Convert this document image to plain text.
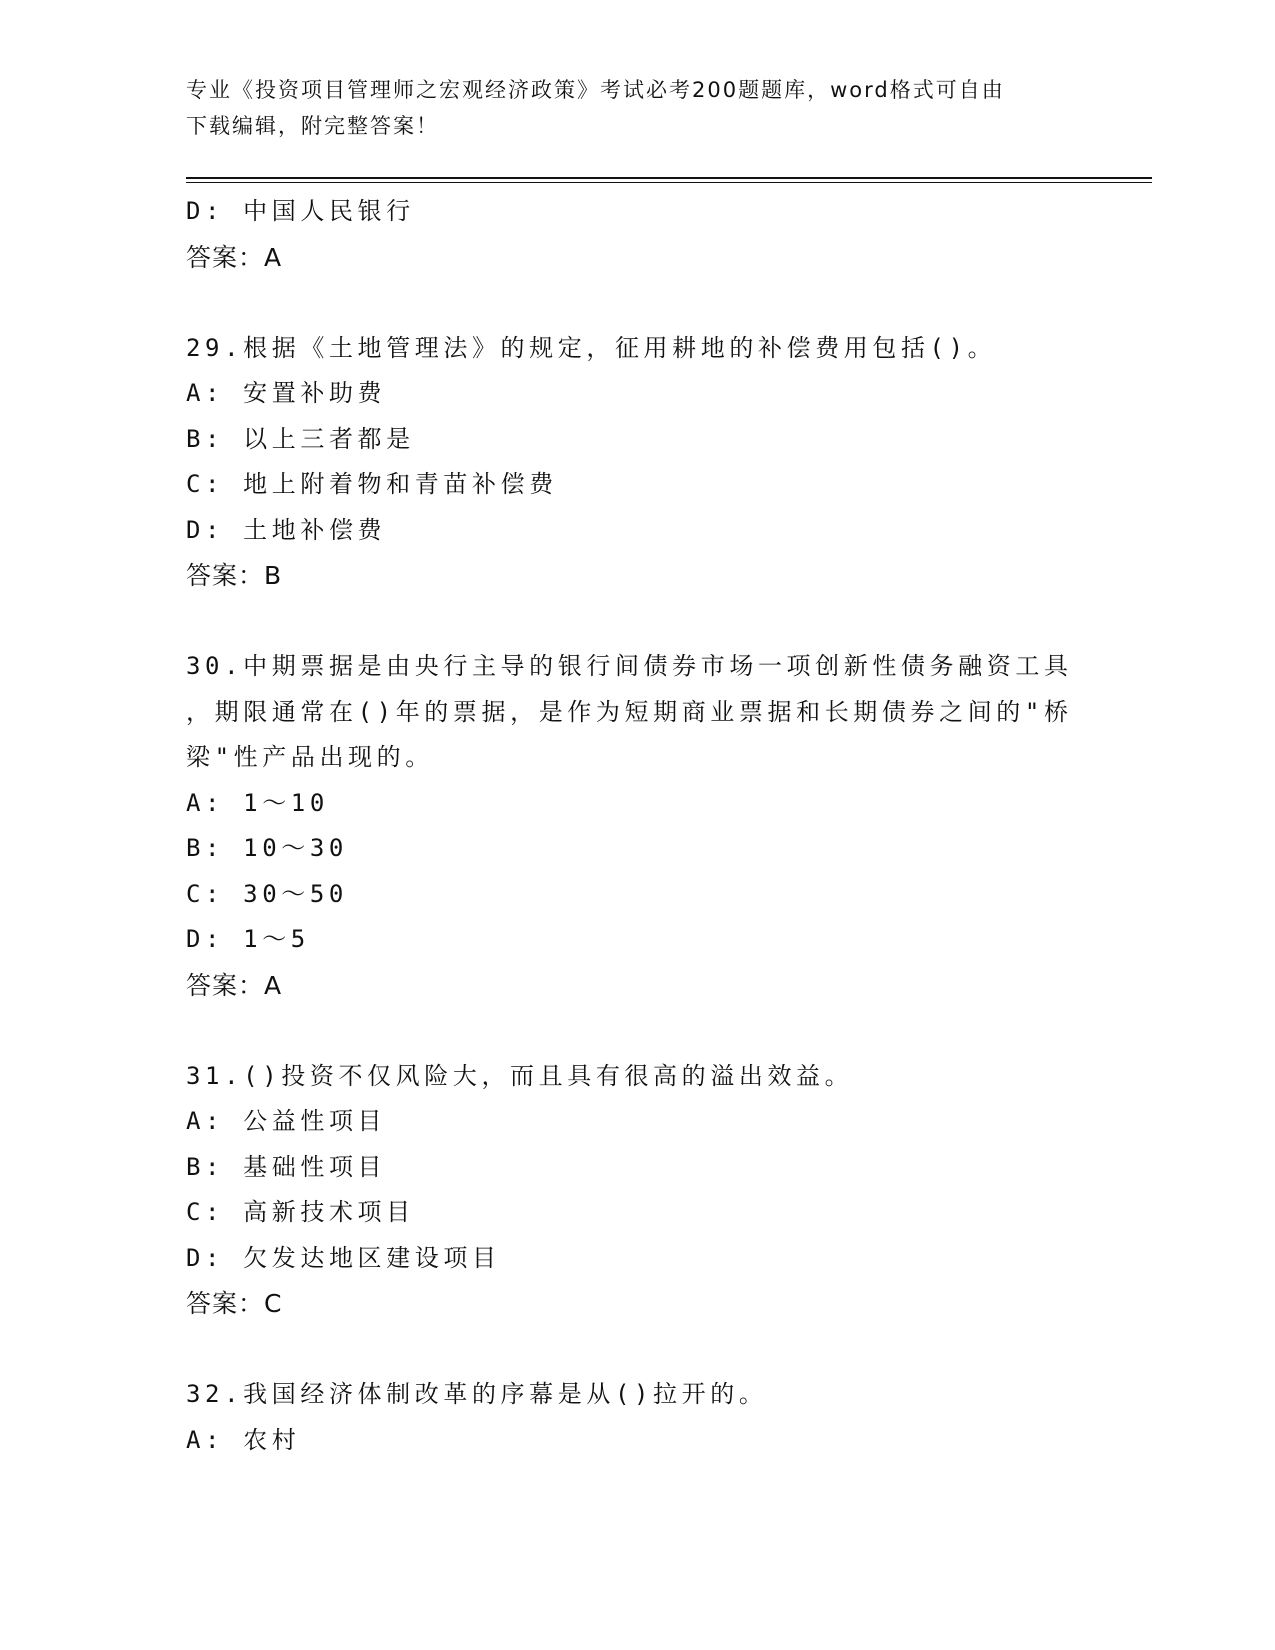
专业《投资项目管理师之宏观经济政策》考试必考200题题库，word格式可自由
下载编辑，附完整答案！
D: 中国人民银行
答案：A
29.根据《土地管理法》的规定，征用耕地的补偿费用包括()。
A: 安置补助费
B: 以上三者都是
C: 地上附着物和青苗补偿费
D: 土地补偿费
答案：B
30.中期票据是由央行主导的银行间债券市场一项创新性债务融资工具
，期限通常在()年的票据，是作为短期商业票据和长期债券之间的"桥
梁"性产品出现的。
A: 1～10
B: 10～30
C: 30～50
D: 1～5
答案：A
31.()投资不仅风险大，而且具有很高的溢出效益。
A: 公益性项目
B: 基础性项目
C: 高新技术项目
D: 欠发达地区建设项目
答案：C
32.我国经济体制改革的序幕是从()拉开的。
A: 农村
